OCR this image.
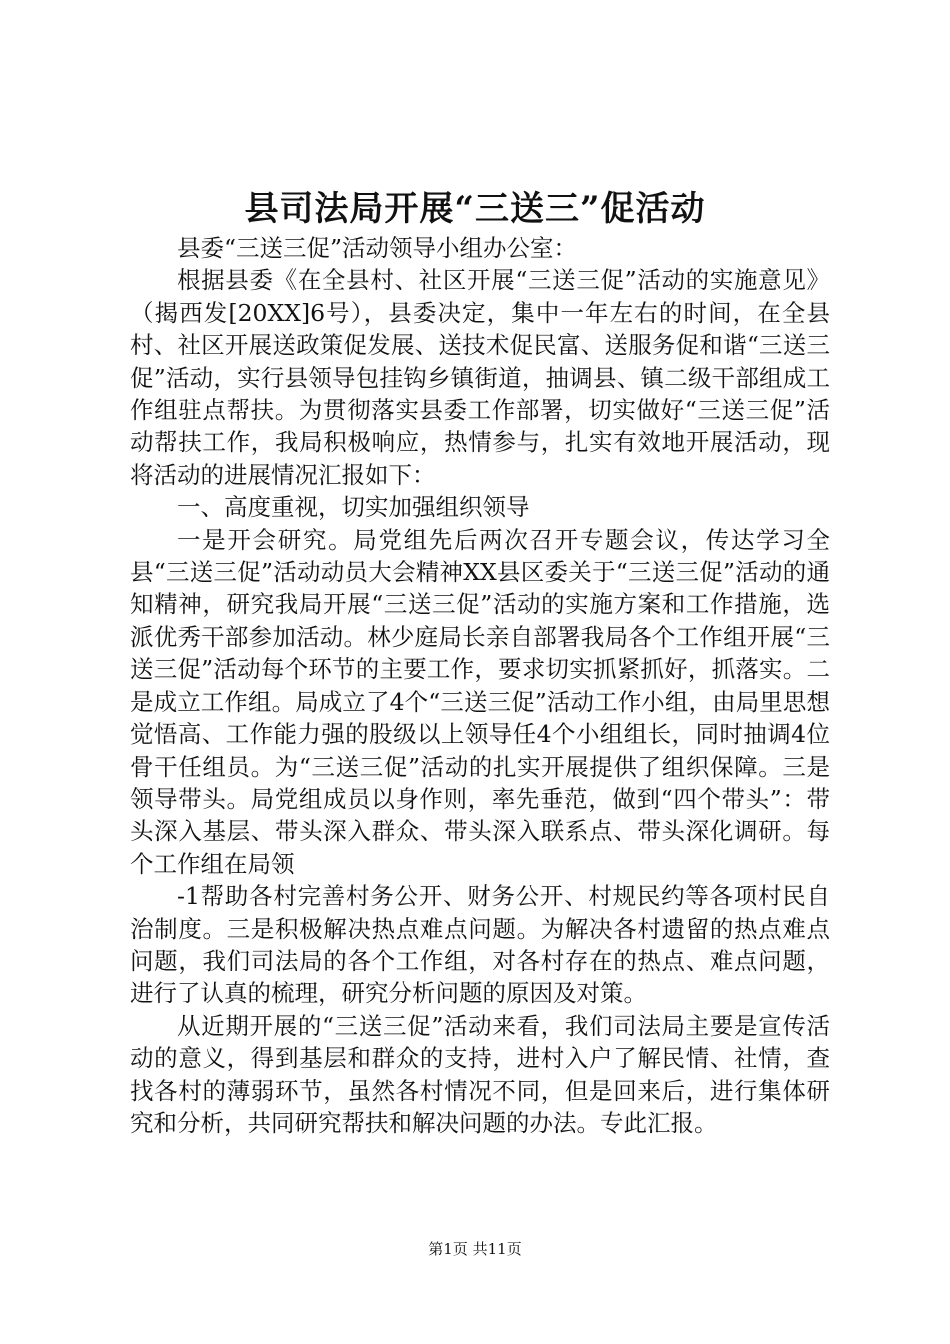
县司法局开展“三送三”促活动

县委“三送三促”活动领导小组办公室：

根据县委《在全县村、社区开展“三送三促”活动的实施意见》（揭西发[20XX]6号），县委决定，集中一年左右的时间，在全县村、社区开展送政策促发展、送技术促民富、送服务促和谐“三送三促”活动，实行县领导包挂钩乡镇街道，抽调县、镇二级干部组成工作组驻点帮扶。为贯彻落实县委工作部署，切实做好“三送三促”活动帮扶工作，我局积极响应，热情参与，扎实有效地开展活动，现将活动的进展情况汇报如下：

一、高度重视，切实加强组织领导

一是开会研究。局党组先后两次召开专题会议，传达学习全县“三送三促”活动动员大会精神XX县区委关于“三送三促”活动的通知精神，研究我局开展“三送三促”活动的实施方案和工作措施，选派优秀干部参加活动。林少庭局长亲自部署我局各个工作组开展“三送三促”活动每个环节的主要工作，要求切实抓紧抓好，抓落实。二是成立工作组。局成立了4个“三送三促”活动工作小组，由局里思想觉悟高、工作能力强的股级以上领导任4个小组组长，同时抽调4位骨干任组员。为“三送三促”活动的扎实开展提供了组织保障。三是领导带头。局党组成员以身作则，率先垂范，做到“四个带头”：带头深入基层、带头深入群众、带头深入联系点、带头深化调研。每个工作组在局领

-1帮助各村完善村务公开、财务公开、村规民约等各项村民自治制度。三是积极解决热点难点问题。为解决各村遗留的热点难点问题，我们司法局的各个工作组，对各村存在的热点、难点问题，进行了认真的梳理，研究分析问题的原因及对策。

从近期开展的“三送三促”活动来看，我们司法局主要是宣传活动的意义，得到基层和群众的支持，进村入户了解民情、社情，查找各村的薄弱环节，虽然各村情况不同，但是回来后，进行集体研究和分析，共同研究帮扶和解决问题的办法。专此汇报。

第1页 共11页
